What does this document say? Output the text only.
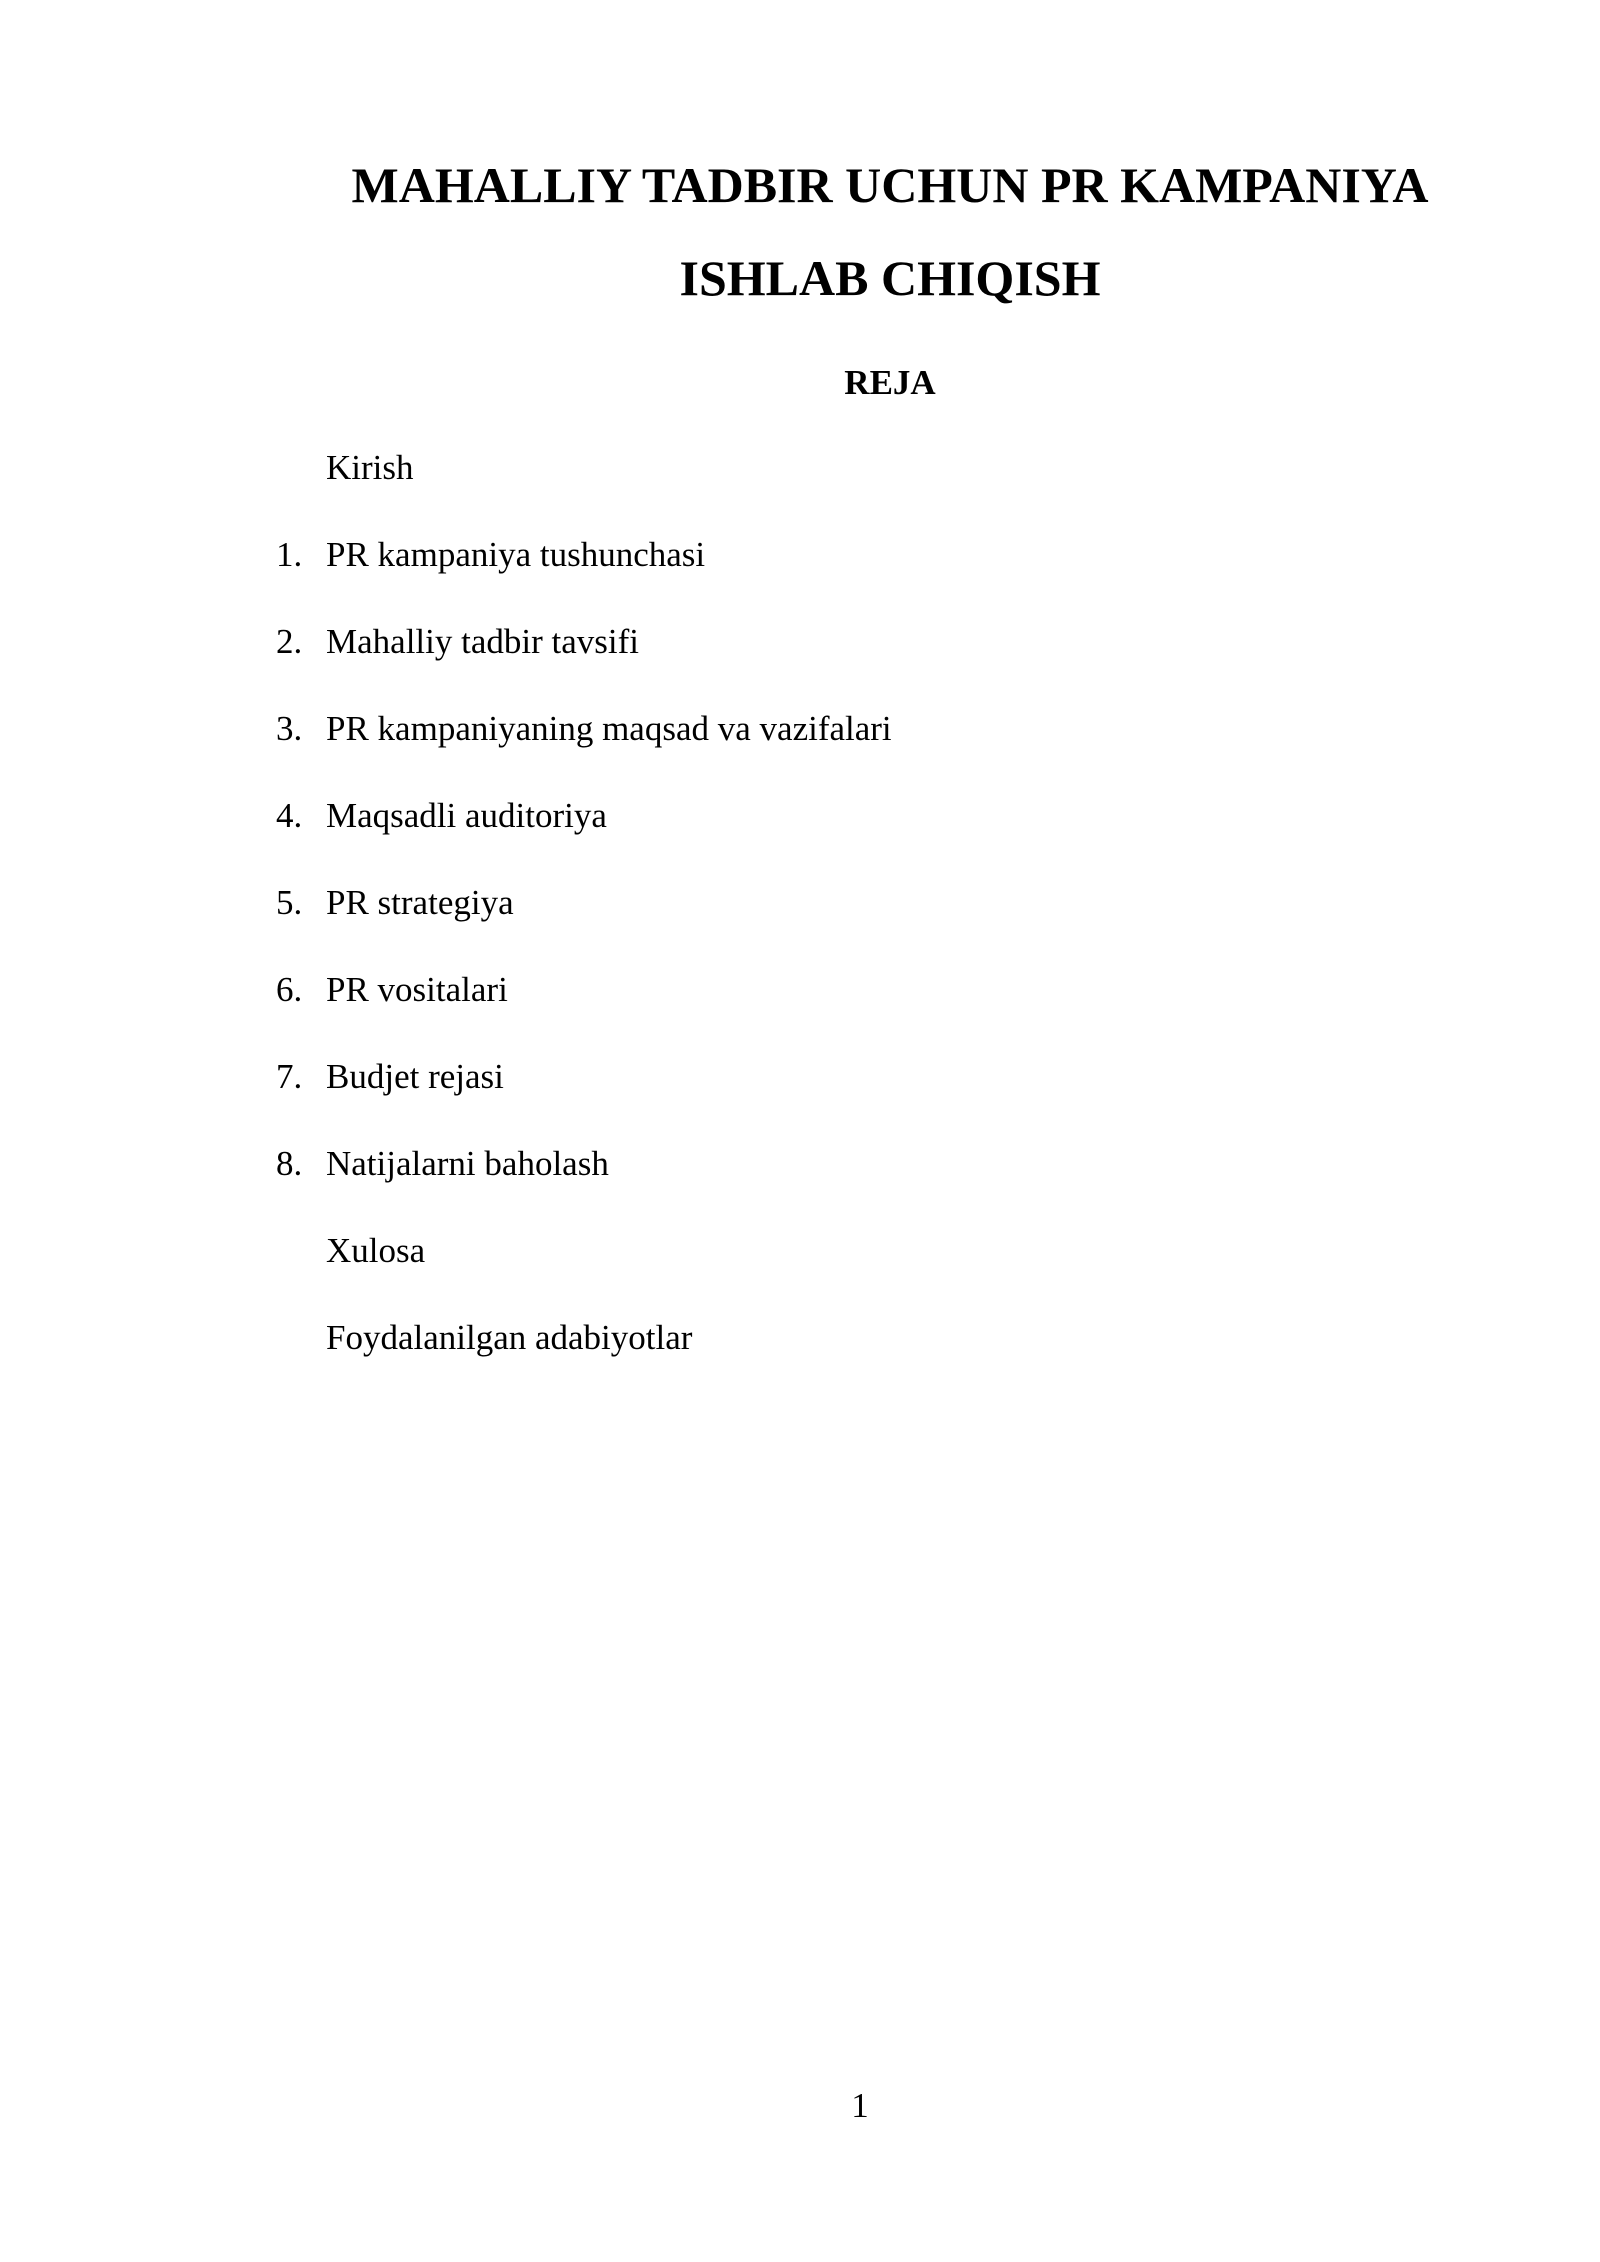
MAHALLIY TADBIR UCHUN PR KAMPANIYA
ISHLAB CHIQISH
REJA
Kirish
1. PR kampaniya tushunchasi
2. Mahalliy tadbir tavsifi
3. PR kampaniyaning maqsad va vazifalari
4. Maqsadli auditoriya
5. PR strategiya
6. PR vositalari
7. Budjet rejasi
8. Natijalarni baholash
Xulosa
Foydalanilgan adabiyotlar
1
